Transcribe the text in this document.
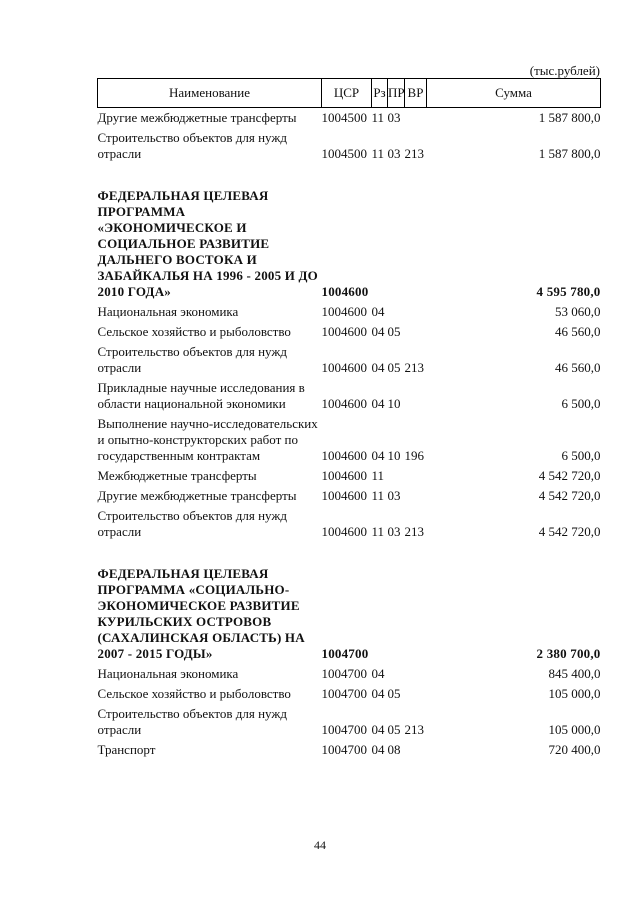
(тыс.рублей)
Наименование	ЦСР	Рз	ПР	ВР	Сумма
Другие межбюджетные трансферты	1004500	11	03		1 587 800,0
Строительство объектов для нужд отрасли	1004500	11	03	213	1 587 800,0

ФЕДЕРАЛЬНАЯ ЦЕЛЕВАЯ ПРОГРАММА «ЭКОНОМИЧЕСКОЕ И СОЦИАЛЬНОЕ РАЗВИТИЕ ДАЛЬНЕГО ВОСТОКА И ЗАБАЙКАЛЬЯ НА 1996 - 2005 И ДО 2010 ГОДА»	1004600				4 595 780,0
Национальная экономика	1004600	04			53 060,0
Сельское хозяйство и рыболовство	1004600	04	05		46 560,0
Строительство объектов для нужд отрасли	1004600	04	05	213	46 560,0
Прикладные научные исследования в области национальной экономики	1004600	04	10		6 500,0
Выполнение научно-исследовательских и опытно-конструкторских работ по государственным контрактам	1004600	04	10	196	6 500,0
Межбюджетные трансферты	1004600	11			4 542 720,0
Другие межбюджетные трансферты	1004600	11	03		4 542 720,0
Строительство объектов для нужд отрасли	1004600	11	03	213	4 542 720,0

ФЕДЕРАЛЬНАЯ ЦЕЛЕВАЯ ПРОГРАММА «СОЦИАЛЬНО-ЭКОНОМИЧЕСКОЕ РАЗВИТИЕ КУРИЛЬСКИХ ОСТРОВОВ (САХАЛИНСКАЯ ОБЛАСТЬ) НА 2007 - 2015 ГОДЫ»	1004700				2 380 700,0
Национальная экономика	1004700	04			845 400,0
Сельское хозяйство и рыболовство	1004700	04	05		105 000,0
Строительство объектов для нужд отрасли	1004700	04	05	213	105 000,0
Транспорт	1004700	04	08		720 400,0
44
